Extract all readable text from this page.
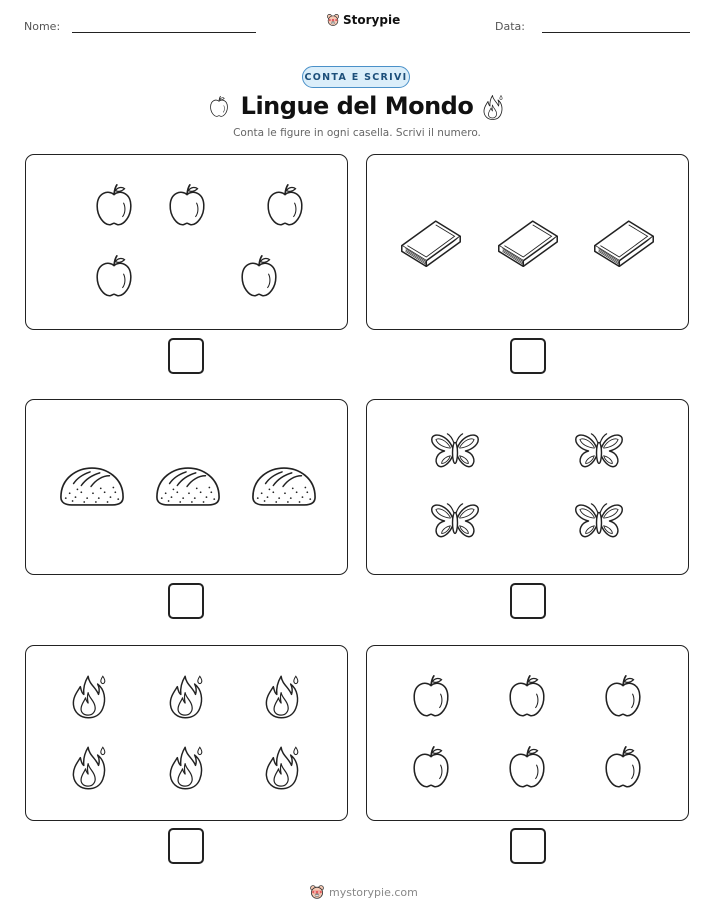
Nome:	Storypie	Data:
CONTA E SCRIVI
Lingue del Mondo
Conta le figure in ogni casella. Scrivi il numero.
mystorypie.com
